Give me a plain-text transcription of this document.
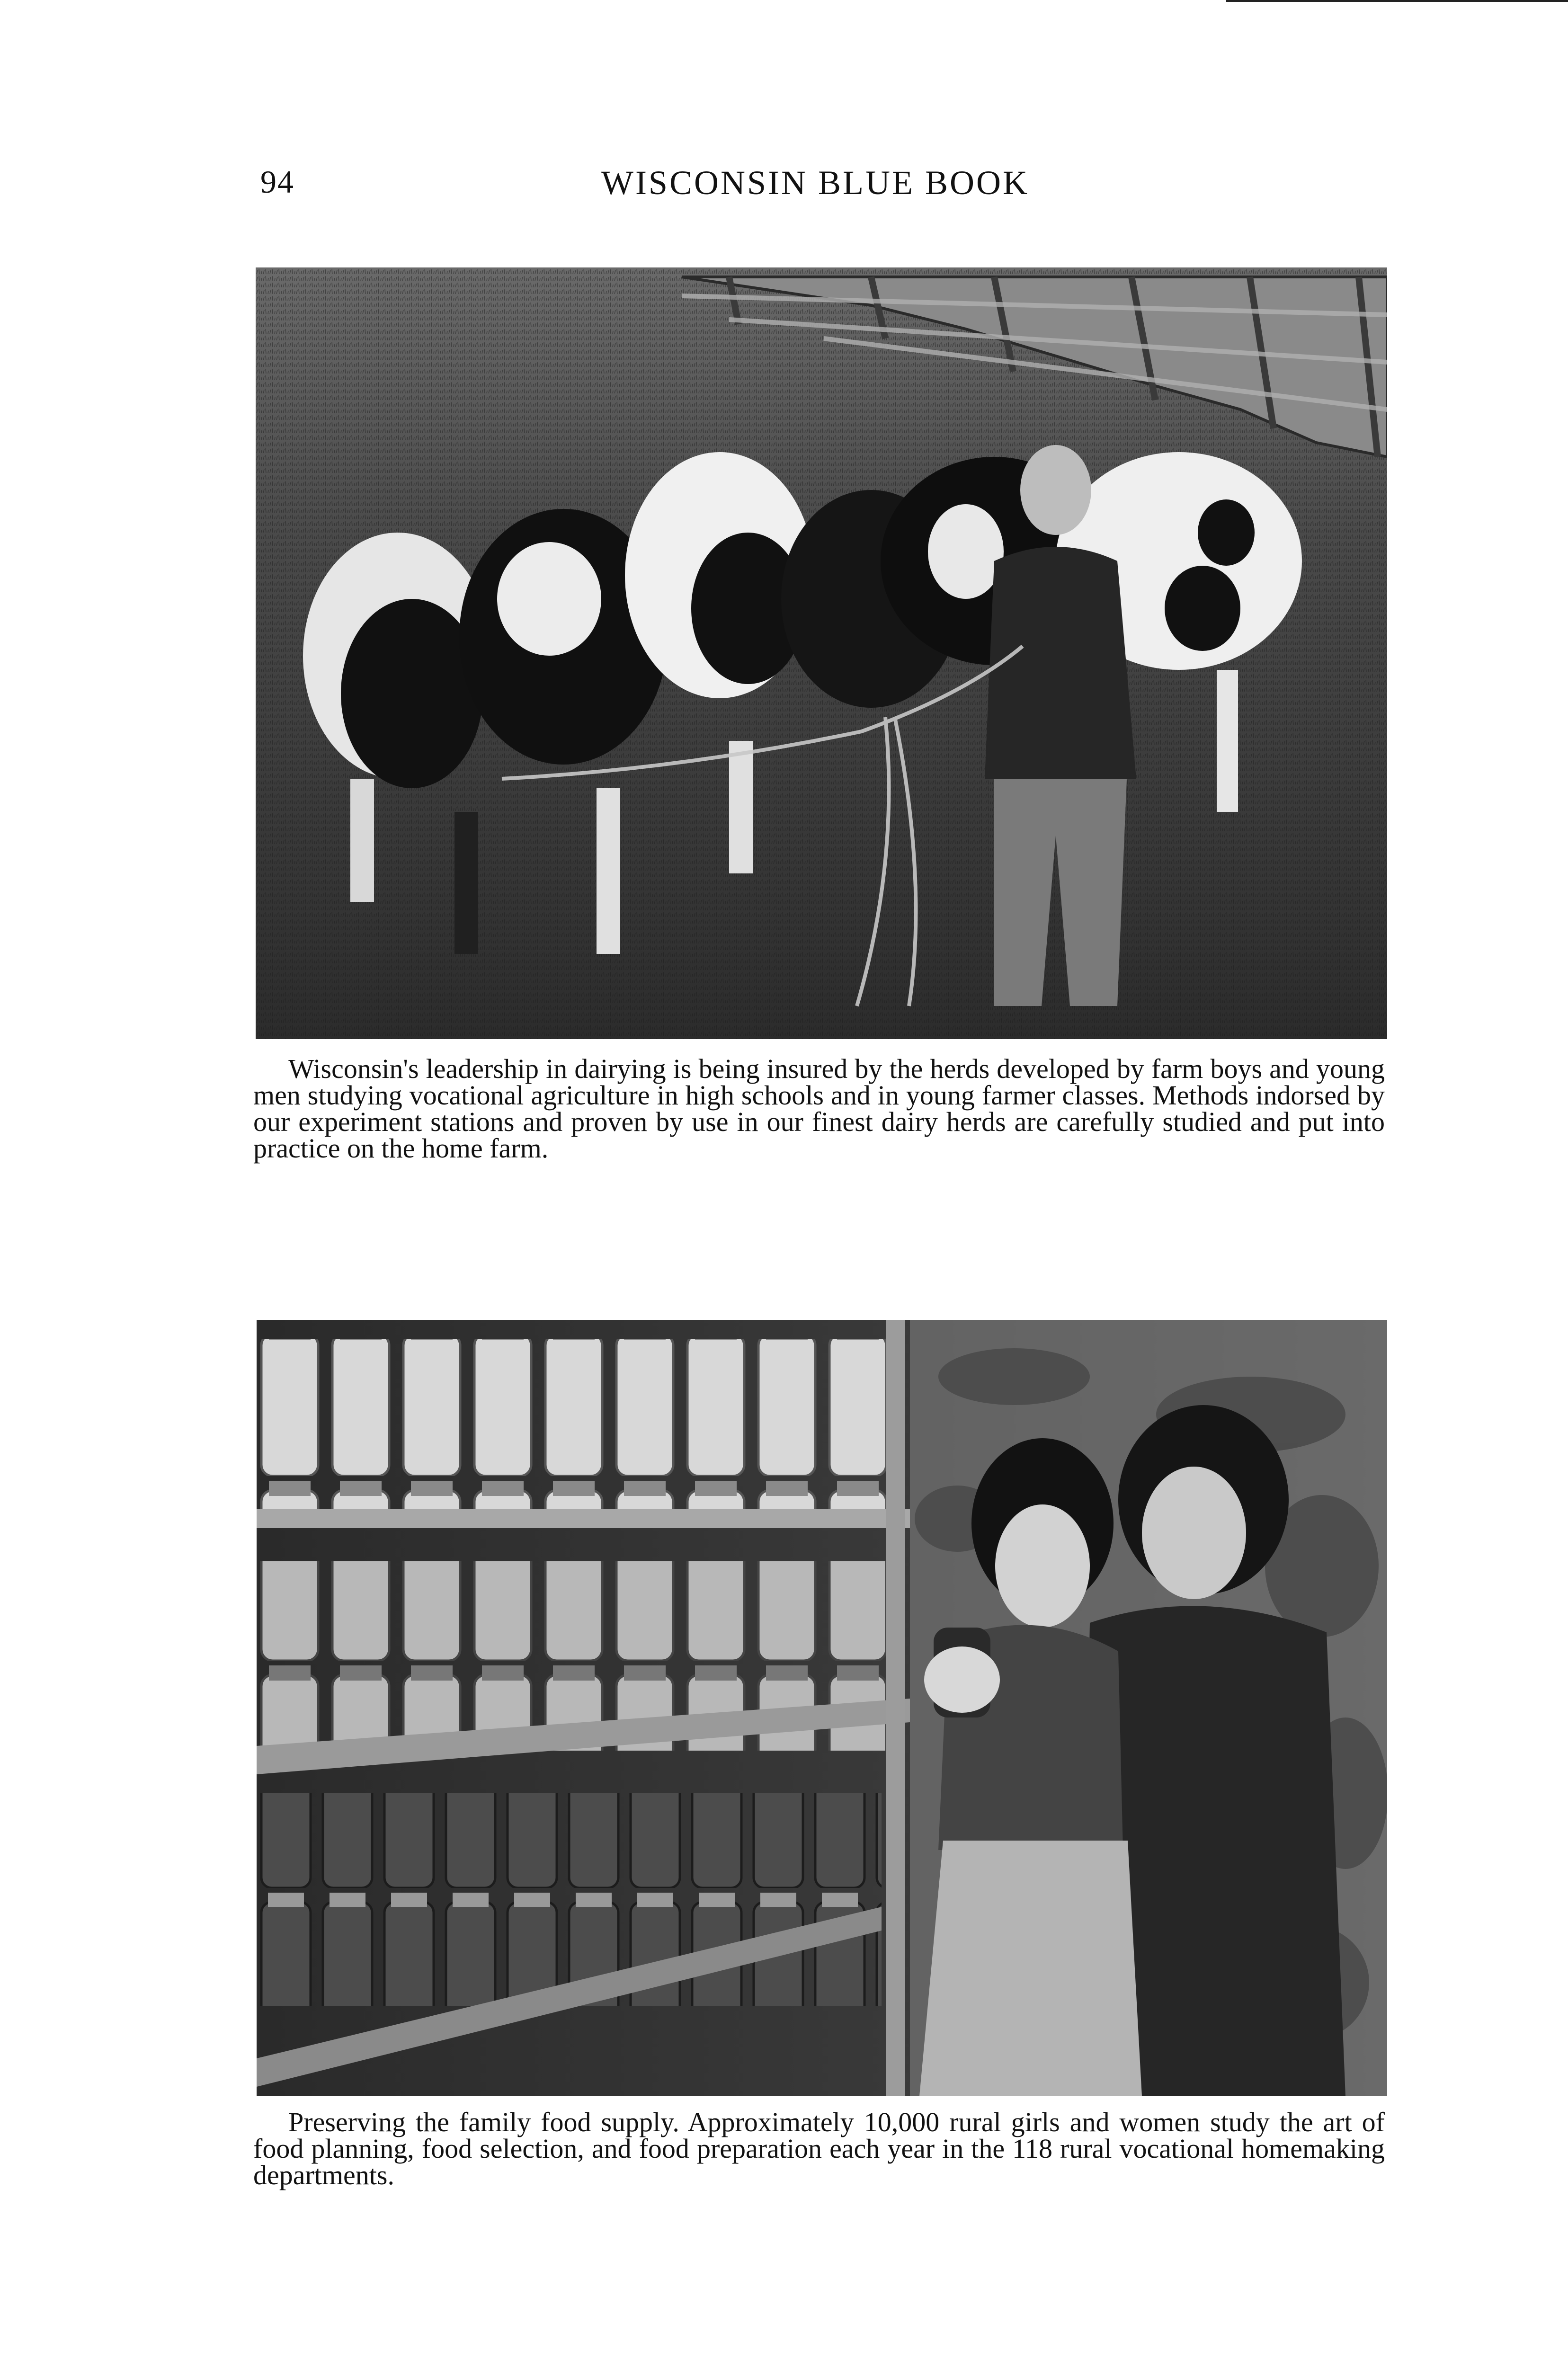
94	WISCONSIN BLUE BOOK
Wisconsin's leadership in dairying is being insured by the herds developed by farm boys and young men studying vocational agriculture in high schools and in young farmer classes. Methods indorsed by our experiment stations and proven by use in our finest dairy herds are carefully studied and put into practice on the home farm.
Preserving the family food supply. Approximately 10,000 rural girls and women study the art of food planning, food selection, and food preparation each year in the 118 rural vocational homemaking departments.
